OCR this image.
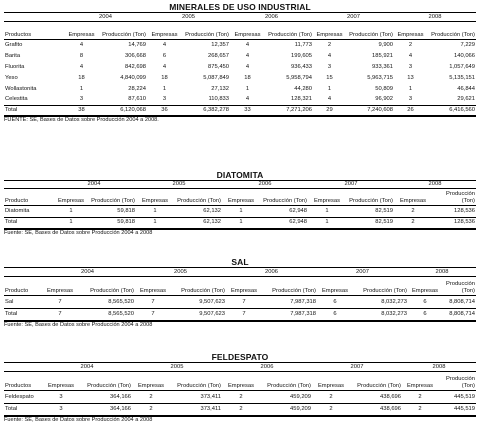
MINERALES DE USO INDUSTRIAL
	2004		2005		2006		2007		2008	
Productos	Empresas	Producción (Ton)	Empresas	Producción (Ton)	Empresas	Producción (Ton)	Empresas	Producción (Ton)	Empresas	Producción (Ton)
Grafito	4	14,769	4	12,357	4	11,773	2	9,900	2	7,229
Barita	8	306,668	6	268,657	4	199,605	4	185,921	4	140,066
Fluorita	4	842,698	4	875,450	4	936,433	3	933,361	3	1,057,649
Yeso	18	4,840,099	18	5,087,849	18	5,958,794	15	5,963,715	13	5,135,151
Wollastonita	1	28,224	1	27,132	1	44,280	1	50,809	1	46,844
Celestita	3	87,610	3	110,833	4	128,321	4	96,902	3	29,621
Total	38	6,120,068	36	6,382,278	33	7,271,206	29	7,240,608	26	6,416,560
FUENTE: SE, Bases de Datos sobre Producción 2004 a 2008.
DIATOMITA
	2004		2005		2006		2007		2008	
Producto	Empresas	Producción (Ton)	Empresas	Producción (Ton)	Empresas	Producción (Ton)	Empresas	Producción (Ton)	Empresas	Producción (Ton)
Diatomita	1	59,818	1	62,132	1	62,948	1	82,519	2	128,536
Total	1	59,818	1	62,132	1	62,948	1	82,519	2	128,536
Fuente: SE, Bases de Datos sobre Producción 2004 a 2008
SAL
	2004		2005		2006		2007		2008	
Producto	Empresas	Producción (Ton)	Empresas	Producción (Ton)	Empresas	Producción (Ton)	Empresas	Producción (Ton)	Empresas	Producción (Ton)
Sal	7	8,565,520	7	9,507,623	7	7,987,318	6	8,032,273	6	8,808,714
Total	7	8,565,520	7	9,507,623	7	7,987,318	6	8,032,273	6	8,808,714
Fuente: SE, Bases de Datos sobre Producción 2004 a 2008
FELDESPATO
	2004		2005		2006		2007		2008	
Productos	Empresas	Producción (Ton)	Empresas	Producción (Ton)	Empresas	Producción (Ton)	Empresas	Producción (Ton)	Empresas	Producción (Ton)
Feldespato	3	364,166	2	373,411	2	459,209	2	438,696	2	445,519
Total	3	364,166	2	373,411	2	459,209	2	438,696	2	445,519
Fuente: SE, Bases de Datos sobre Producción 2004 a 2008
